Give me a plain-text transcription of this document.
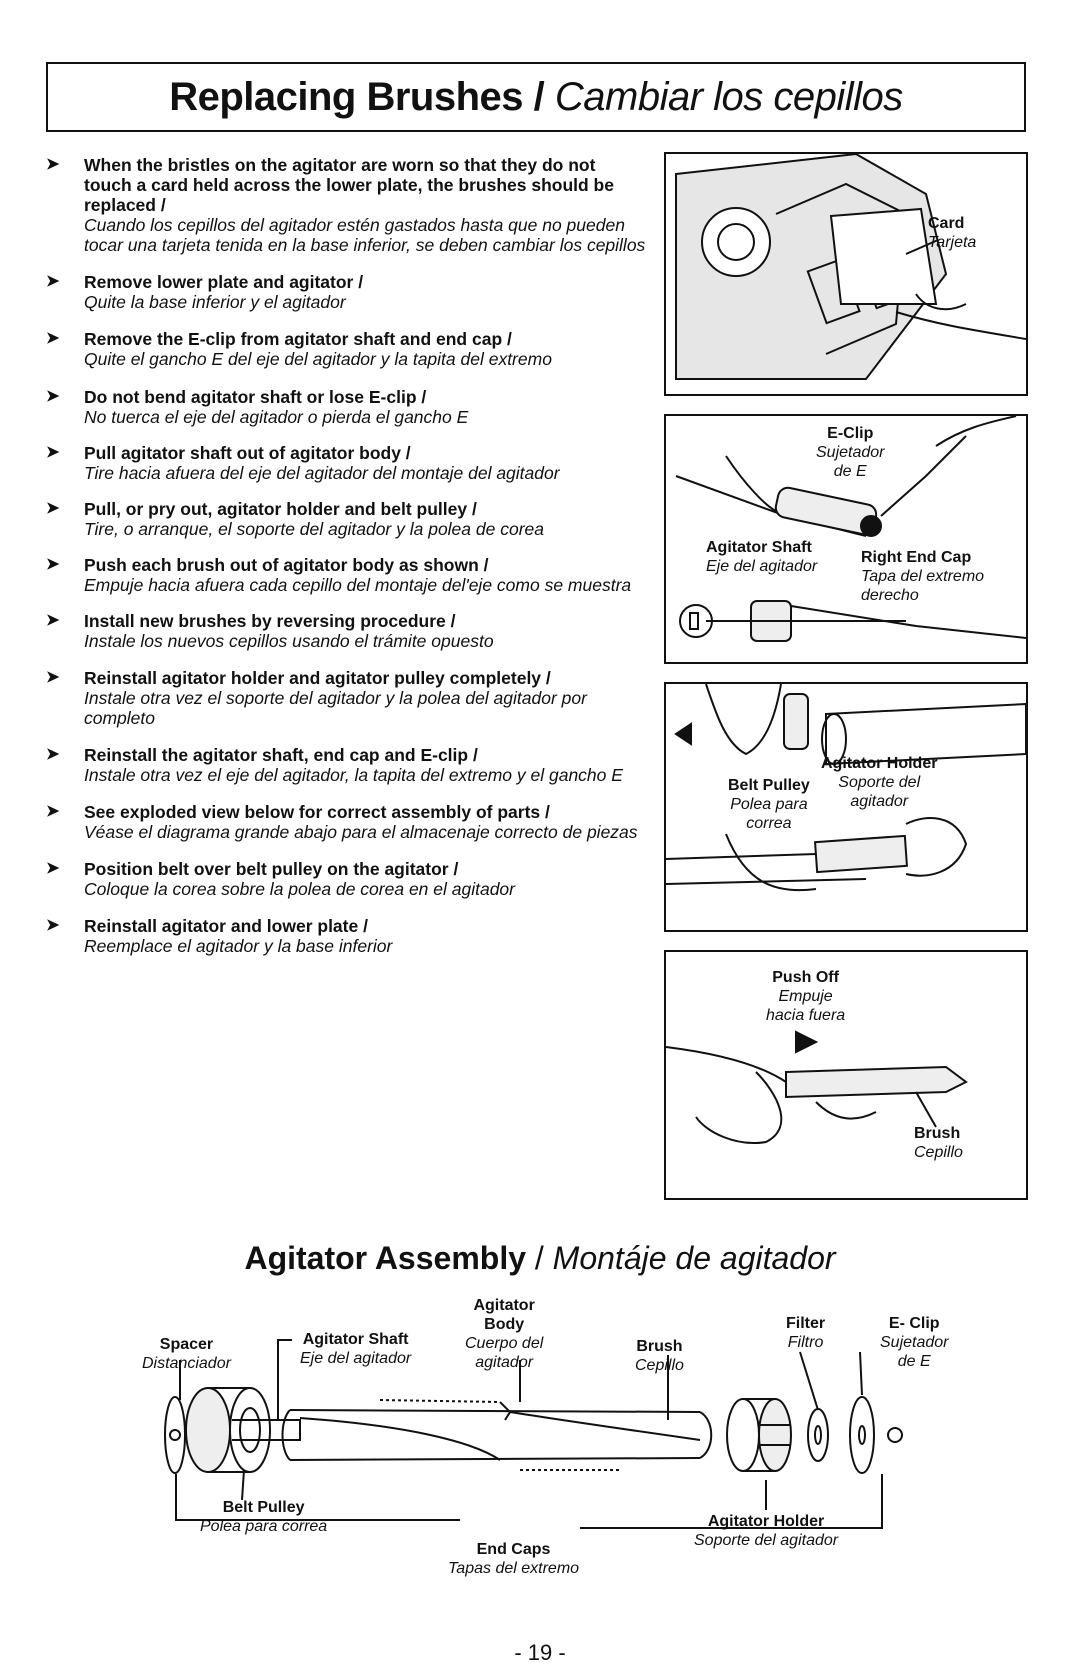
Replacing Brushes / Cambiar los cepillos
➤ When the bristles on the agitator are worn so that they do not touch a card held across the lower plate, the brushes should be replaced /
Cuando los cepillos del agitador estén gastados hasta que no pueden tocar una tarjeta tenida en la base inferior, se deben cambiar los cepillos
➤ Remove lower plate and agitator /
Quite la base inferior y el agitador
➤ Remove the E-clip from agitator shaft and end cap /
Quite el gancho E del eje del agitador y la tapita del extremo
➤ Do not bend agitator shaft or lose E-clip /
No tuerca el eje del agitador o pierda el gancho E
➤ Pull agitator shaft out of agitator body /
Tire hacia afuera del eje del agitador del montaje del agitador
➤ Pull, or pry out, agitator holder and belt pulley /
Tire, o arranque, el soporte del agitador y la polea de corea
➤ Push each brush out of agitator body as shown /
Empuje hacia afuera cada cepillo del montaje del'eje como se muestra
➤ Install new brushes by reversing procedure /
Instale los nuevos cepillos usando el trámite opuesto
➤ Reinstall agitator holder and agitator pulley completely /
Instale otra vez el soporte del agitador y la polea del agitador por completo
➤ Reinstall the agitator shaft, end cap and E-clip /
Instale otra vez el eje del agitador, la tapita del extremo y el gancho E
➤ See exploded view below for correct assembly of parts /
Véase el diagrama grande abajo para el almacenaje correcto de piezas
➤ Position belt over belt pulley on the agitator /
Coloque la corea sobre la polea de corea en el agitador
➤ Reinstall agitator and lower plate /
Reemplace el agitador y la base inferior
Card
Tarjeta
E-Clip
Sujetador
de E
Agitator Shaft
Eje del agitador
Right End Cap
Tapa del extremo
derecho
Agitator Holder
Soporte del
agitador
Belt Pulley
Polea para
correa
Push Off
Empuje
hacia fuera
Brush
Cepillo
Agitator Assembly / Montáje de agitador
Spacer
Distanciador
Agitator Shaft
Eje del agitador
Agitator
Body
Cuerpo del
agitador
Brush
Cepillo
Filter
Filtro
E- Clip
Sujetador
de E
Belt Pulley
Polea para correa	Agitator Holder
Soporte del agitador
End Caps
Tapas del extremo
- 19 -
